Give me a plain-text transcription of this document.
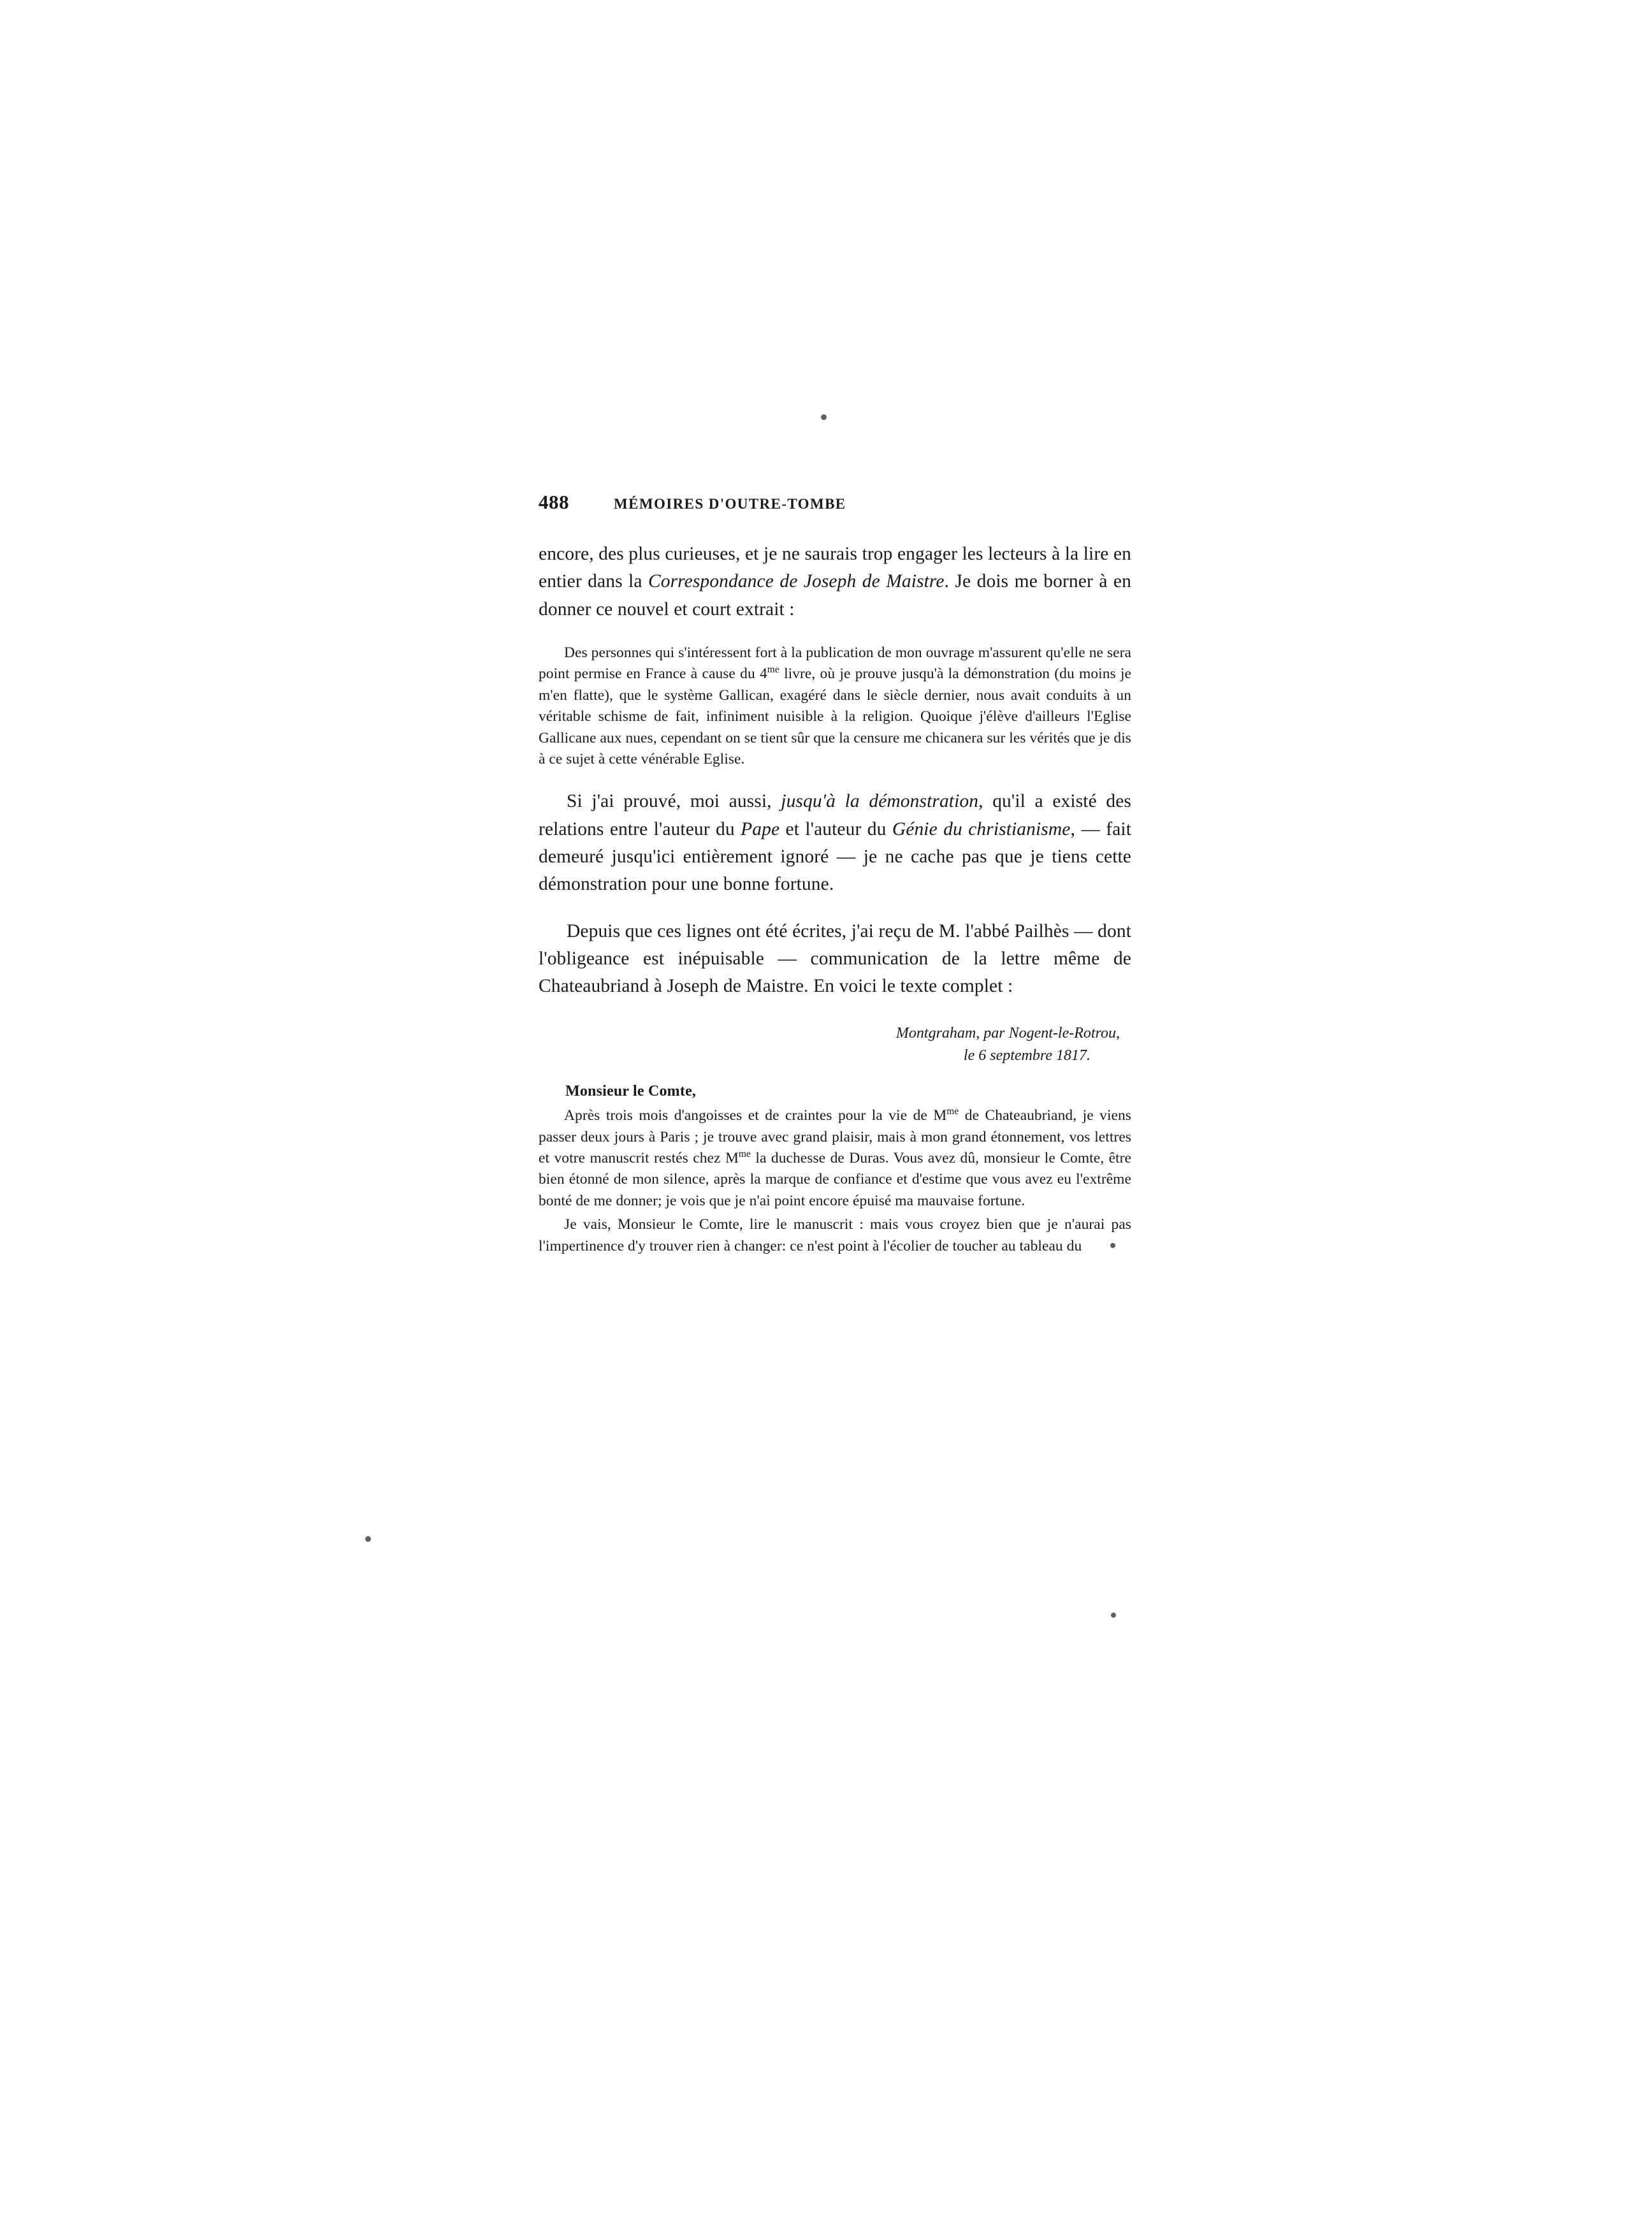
488	MÉMOIRES D'OUTRE-TOMBE

encore, des plus curieuses, et je ne saurais trop engager les lecteurs à la lire en entier dans la Correspondance de Joseph de Maistre. Je dois me borner à en donner ce nouvel et court extrait :

Des personnes qui s'intéressent fort à la publication de mon ouvrage m'assurent qu'elle ne sera point permise en France à cause du $4^{me}$ livre, où je prouve jusqu'à la démonstration (du moins je m'en flatte), que le système Gallican, exagéré dans le siècle dernier, nous avait conduits à un véritable schisme de fait, infiniment nuisible à la religion. Quoique j'élève d'ailleurs l'Eglise Gallicane aux nues, cependant on se tient sûr que la censure me chicanera sur les vérités que je dis à ce sujet à cette vénérable Eglise.

Si j'ai prouvé, moi aussi, jusqu'à la démonstration, qu'il a existé des relations entre l'auteur du Pape et l'auteur du Génie du christianisme, — fait demeuré jusqu'ici entièrement ignoré — je ne cache pas que je tiens cette démonstration pour une bonne fortune.

Depuis que ces lignes ont été écrites, j'ai reçu de M. l'abbé Pailhès — dont l'obligeance est inépuisable — communication de la lettre même de Chateaubriand à Joseph de Maistre. En voici le texte complet :

Montgraham, par Nogent-le-Rotrou,
le 6 septembre 1817.

Monsieur le Comte,

Après trois mois d'angoisses et de craintes pour la vie de $M^{me}$ de Chateaubriand, je viens passer deux jours à Paris ; je trouve avec grand plaisir, mais à mon grand étonnement, vos lettres et votre manuscrit restés chez $M^{me}$ la duchesse de Duras. Vous avez dû, monsieur le Comte, être bien étonné de mon silence, après la marque de confiance et d'estime que vous avez eu l'extrême bonté de me donner; je vois que je n'ai point encore épuisé ma mauvaise fortune.

Je vais, Monsieur le Comte, lire le manuscrit : mais vous croyez bien que je n'aurai pas l'impertinence d'y trouver rien à changer: ce n'est point à l'écolier de toucher au tableau du
